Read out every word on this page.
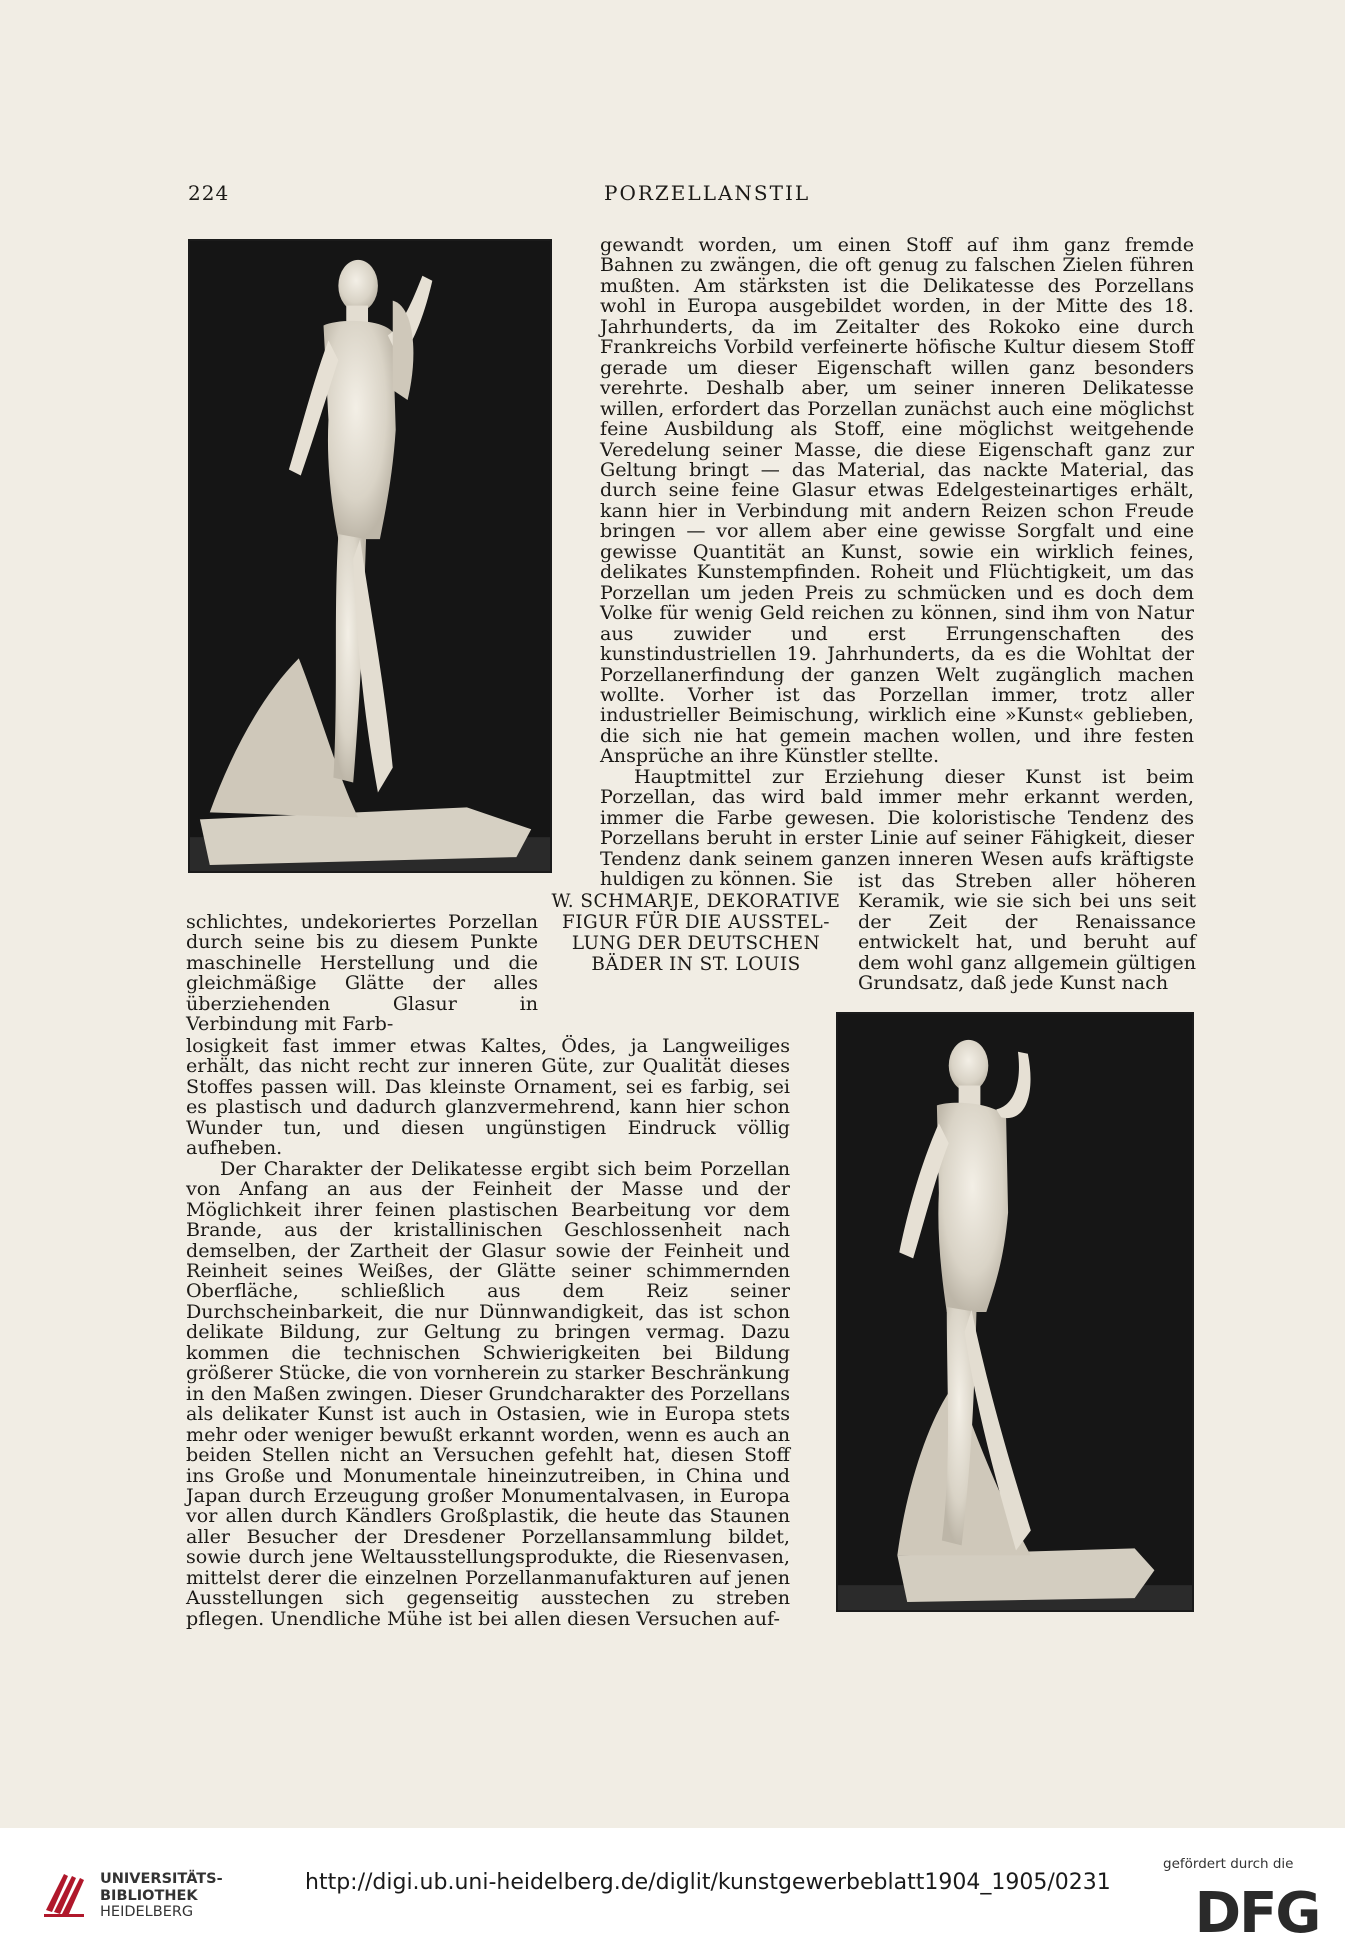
224	PORZELLANSTIL

gewandt worden, um einen Stoff auf ihm ganz fremde Bahnen zu zwängen, die oft genug zu falschen Zielen führen mußten. Am stärksten ist die Delikatesse des Porzellans wohl in Europa ausgebildet worden, in der Mitte des 18. Jahrhunderts, da im Zeitalter des Rokoko eine durch Frankreichs Vorbild verfeinerte höfische Kultur diesem Stoff gerade um dieser Eigenschaft willen ganz besonders verehrte. Deshalb aber, um seiner inneren Delikatesse willen, erfordert das Porzellan zunächst auch eine möglichst feine Ausbildung als Stoff, eine möglichst weitgehende Veredelung seiner Masse, die diese Eigenschaft ganz zur Geltung bringt — das Material, das nackte Material, das durch seine feine Glasur etwas Edelgesteinartiges erhält, kann hier in Verbindung mit andern Reizen schon Freude bringen — vor allem aber eine gewisse Sorgfalt und eine gewisse Quantität an Kunst, sowie ein wirklich feines, delikates Kunstempfinden. Roheit und Flüchtigkeit, um das Porzellan um jeden Preis zu schmücken und es doch dem Volke für wenig Geld reichen zu können, sind ihm von Natur aus zuwider und erst Errungenschaften des kunstindustriellen 19. Jahrhunderts, da es die Wohltat der Porzellanerfindung der ganzen Welt zugänglich machen wollte. Vorher ist das Porzellan immer, trotz aller industrieller Beimischung, wirklich eine »Kunst« geblieben, die sich nie hat gemein machen wollen, und ihre festen Ansprüche an ihre Künstler stellte.

Hauptmittel zur Erziehung dieser Kunst ist beim Porzellan, das wird bald immer mehr erkannt werden, immer die Farbe gewesen. Die koloristische Tendenz des Porzellans beruht in erster Linie auf seiner Fähigkeit, dieser Tendenz dank seinem ganzen inneren Wesen aufs kräftigste huldigen zu können. Sie

W. SCHMARJE, DEKORATIVE
FIGUR FÜR DIE AUSSTEL-
LUNG DER DEUTSCHEN
BÄDER IN ST. LOUIS

ist das Streben aller höheren Keramik, wie sie sich bei uns seit der Zeit der Renaissance entwickelt hat, und beruht auf dem wohl ganz allgemein gültigen Grundsatz, daß jede Kunst nach

schlichtes, undekoriertes Porzellan durch seine bis zu diesem Punkte maschinelle Herstellung und die gleichmäßige Glätte der alles überziehenden Glasur in Verbindung mit Farb-

losigkeit fast immer etwas Kaltes, Ödes, ja Langweiliges erhält, das nicht recht zur inneren Güte, zur Qualität dieses Stoffes passen will. Das kleinste Ornament, sei es farbig, sei es plastisch und dadurch glanzvermehrend, kann hier schon Wunder tun, und diesen ungünstigen Eindruck völlig aufheben.

Der Charakter der Delikatesse ergibt sich beim Porzellan von Anfang an aus der Feinheit der Masse und der Möglichkeit ihrer feinen plastischen Bearbeitung vor dem Brande, aus der kristallinischen Geschlossenheit nach demselben, der Zartheit der Glasur sowie der Feinheit und Reinheit seines Weißes, der Glätte seiner schimmernden Oberfläche, schließlich aus dem Reiz seiner Durchscheinbarkeit, die nur Dünnwandigkeit, das ist schon delikate Bildung, zur Geltung zu bringen vermag. Dazu kommen die technischen Schwierigkeiten bei Bildung größerer Stücke, die von vornherein zu starker Beschränkung in den Maßen zwingen. Dieser Grundcharakter des Porzellans als delikater Kunst ist auch in Ostasien, wie in Europa stets mehr oder weniger bewußt erkannt worden, wenn es auch an beiden Stellen nicht an Versuchen gefehlt hat, diesen Stoff ins Große und Monumentale hineinzutreiben, in China und Japan durch Erzeugung großer Monumentalvasen, in Europa vor allen durch Kändlers Großplastik, die heute das Staunen aller Besucher der Dresdener Porzellansammlung bildet, sowie durch jene Weltausstellungsprodukte, die Riesenvasen, mittelst derer die einzelnen Porzellanmanufakturen auf jenen Ausstellungen sich gegenseitig ausstechen zu streben pflegen. Unendliche Mühe ist bei allen diesen Versuchen auf-

UNIVERSITÄTS-
BIBLIOTHEK
HEIDELBERG
http://digi.ub.uni-heidelberg.de/diglit/kunstgewerbeblatt1904_1905/0231
gefördert durch die
DFG
